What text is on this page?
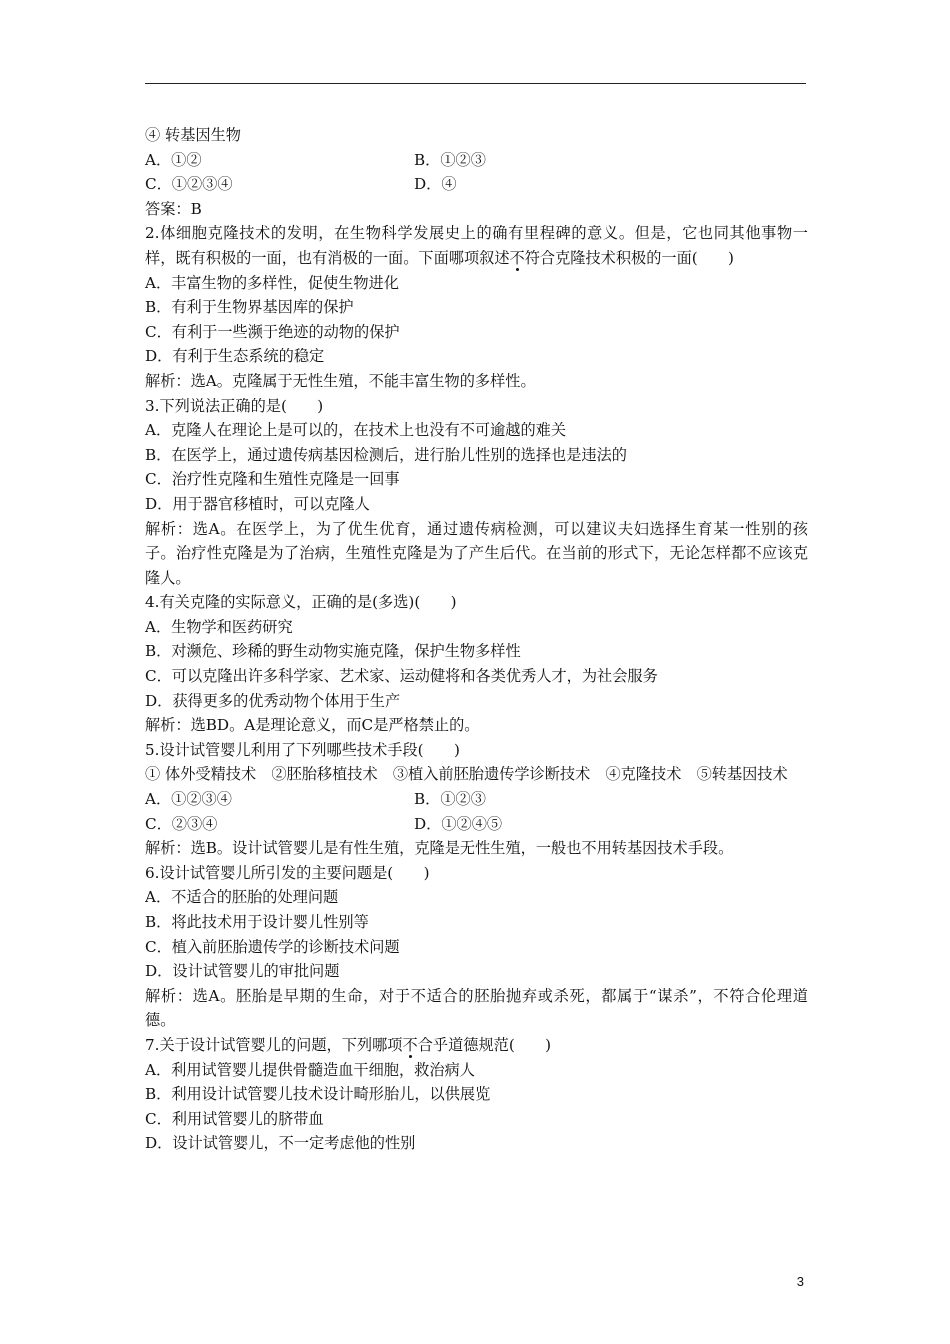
④ 转基因生物
A．①②	B．①②③
C．①②③④	D．④
答案：B
2.体细胞克隆技术的发明，在生物科学发展史上的确有里程碑的意义。但是，它也同其他事物一样，既有积极的一面，也有消极的一面。下面哪项叙述不符合克隆技术积极的一面(　　)
A．丰富生物的多样性，促使生物进化
B．有利于生物界基因库的保护
C．有利于一些濒于绝迹的动物的保护
D．有利于生态系统的稳定
解析：选A。克隆属于无性生殖，不能丰富生物的多样性。
3.下列说法正确的是(　　)
A．克隆人在理论上是可以的，在技术上也没有不可逾越的难关
B．在医学上，通过遗传病基因检测后，进行胎儿性别的选择也是违法的
C．治疗性克隆和生殖性克隆是一回事
D．用于器官移植时，可以克隆人
解析：选A。在医学上，为了优生优育，通过遗传病检测，可以建议夫妇选择生育某一性别的孩子。治疗性克隆是为了治病，生殖性克隆是为了产生后代。在当前的形式下，无论怎样都不应该克隆人。
4.有关克隆的实际意义，正确的是(多选)(　　)
A．生物学和医药研究
B．对濒危、珍稀的野生动物实施克隆，保护生物多样性
C．可以克隆出许多科学家、艺术家、运动健将和各类优秀人才，为社会服务
D．获得更多的优秀动物个体用于生产
解析：选BD。A是理论意义，而C是严格禁止的。
5.设计试管婴儿利用了下列哪些技术手段(　　)
① 体外受精技术　②胚胎移植技术　③植入前胚胎遗传学诊断技术　④克隆技术　⑤转基因技术
A．①②③④	B．①②③
C．②③④	D．①②④⑤
解析：选B。设计试管婴儿是有性生殖，克隆是无性生殖，一般也不用转基因技术手段。
6.设计试管婴儿所引发的主要问题是(　　)
A．不适合的胚胎的处理问题
B．将此技术用于设计婴儿性别等
C．植入前胚胎遗传学的诊断技术问题
D．设计试管婴儿的审批问题
解析：选A。胚胎是早期的生命，对于不适合的胚胎抛弃或杀死，都属于“谋杀”，不符合伦理道德。
7.关于设计试管婴儿的问题，下列哪项不合乎道德规范(　　)
A．利用试管婴儿提供骨髓造血干细胞，救治病人
B．利用设计试管婴儿技术设计畸形胎儿，以供展览
C．利用试管婴儿的脐带血
D．设计试管婴儿，不一定考虑他的性别
3
